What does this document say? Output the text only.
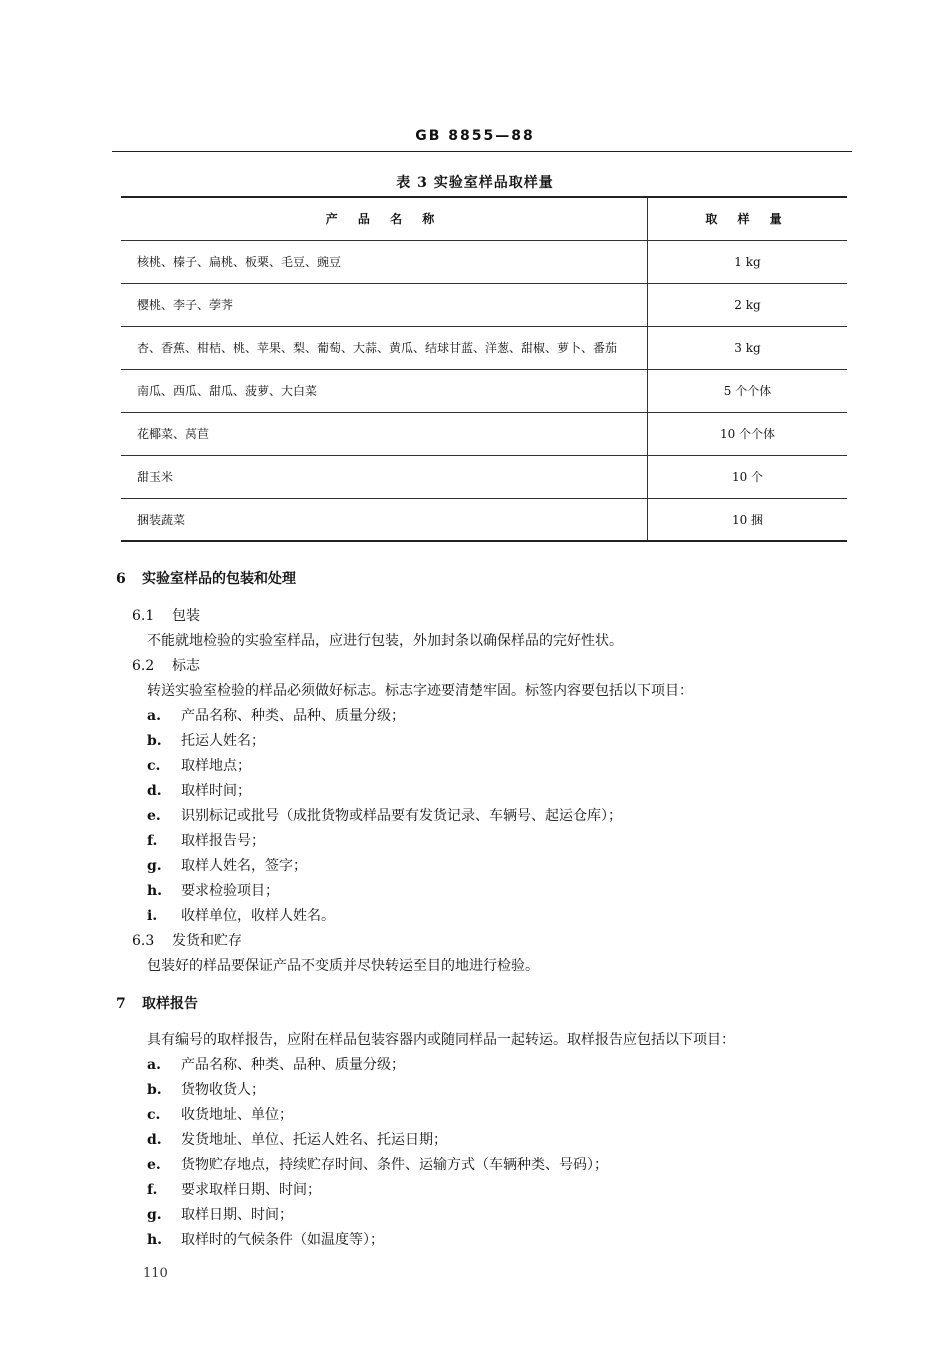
GB 8855—88
表 3 实验室样品取样量
产 品 名 称	取 样 量
核桃、榛子、扁桃、板栗、毛豆、豌豆	1 kg
樱桃、李子、荸荠	2 kg
杏、香蕉、柑桔、桃、苹果、梨、葡萄、大蒜、黄瓜、结球甘蓝、洋葱、甜椒、萝卜、番茄	3 kg
南瓜、西瓜、甜瓜、菠萝、大白菜	5 个个体
花椰菜、莴苣	10 个个体
甜玉米	10 个
捆装蔬菜	10 捆
6 实验室样品的包装和处理
6.1 包装
不能就地检验的实验室样品，应进行包装，外加封条以确保样品的完好性状。
6.2 标志
转送实验室检验的样品必须做好标志。标志字迹要清楚牢固。标签内容要包括以下项目：
a. 产品名称、种类、品种、质量分级；
b. 托运人姓名；
c. 取样地点；
d. 取样时间；
e. 识别标记或批号（成批货物或样品要有发货记录、车辆号、起运仓库）；
f. 取样报告号；
g. 取样人姓名，签字；
h. 要求检验项目；
i. 收样单位，收样人姓名。
6.3 发货和贮存
包装好的样品要保证产品不变质并尽快转运至目的地进行检验。
7 取样报告
具有编号的取样报告，应附在样品包装容器内或随同样品一起转运。取样报告应包括以下项目：
a. 产品名称、种类、品种、质量分级；
b. 货物收货人；
c. 收货地址、单位；
d. 发货地址、单位、托运人姓名、托运日期；
e. 货物贮存地点，持续贮存时间、条件、运输方式（车辆种类、号码）；
f. 要求取样日期、时间；
g. 取样日期、时间；
h. 取样时的气候条件（如温度等）；
110
